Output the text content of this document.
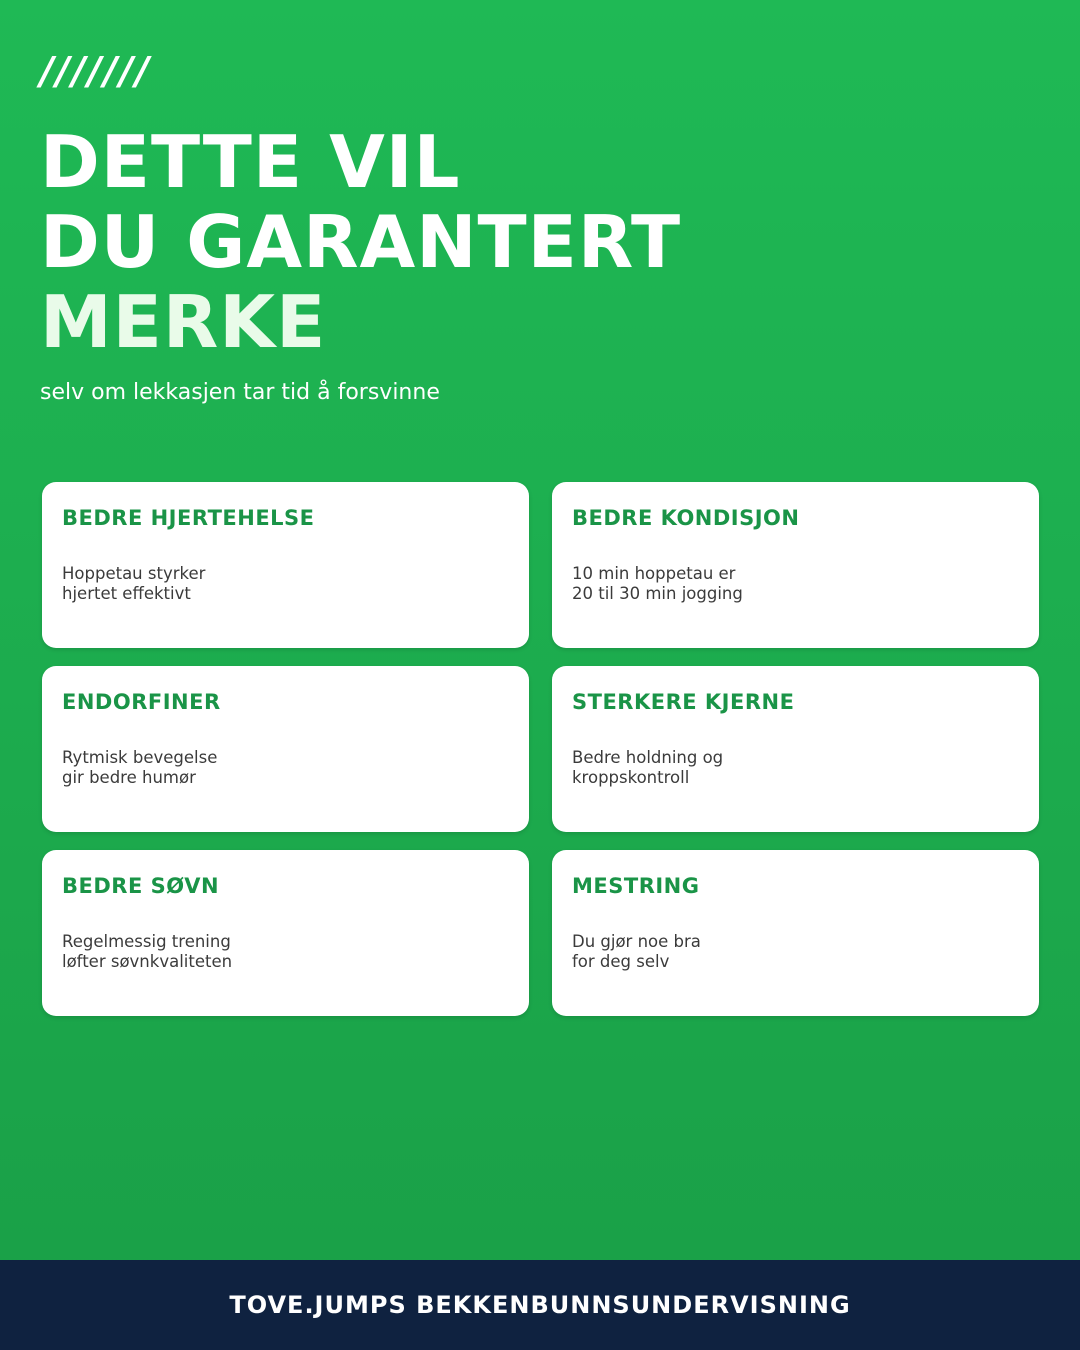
///////
DETTE VIL
DU GARANTERT
MERKE
selv om lekkasjen tar tid å forsvinne
BEDRE HJERTEHELSE
Hoppetau styrker
hjertet effektivt
BEDRE KONDISJON
10 min hoppetau er
20 til 30 min jogging
ENDORFINER
Rytmisk bevegelse
gir bedre humør
STERKERE KJERNE
Bedre holdning og
kroppskontroll
BEDRE SØVN
Regelmessig trening
løfter søvnkvaliteten
MESTRING
Du gjør noe bra
for deg selv
TOVE.JUMPS BEKKENBUNNSUNDERVISNING
